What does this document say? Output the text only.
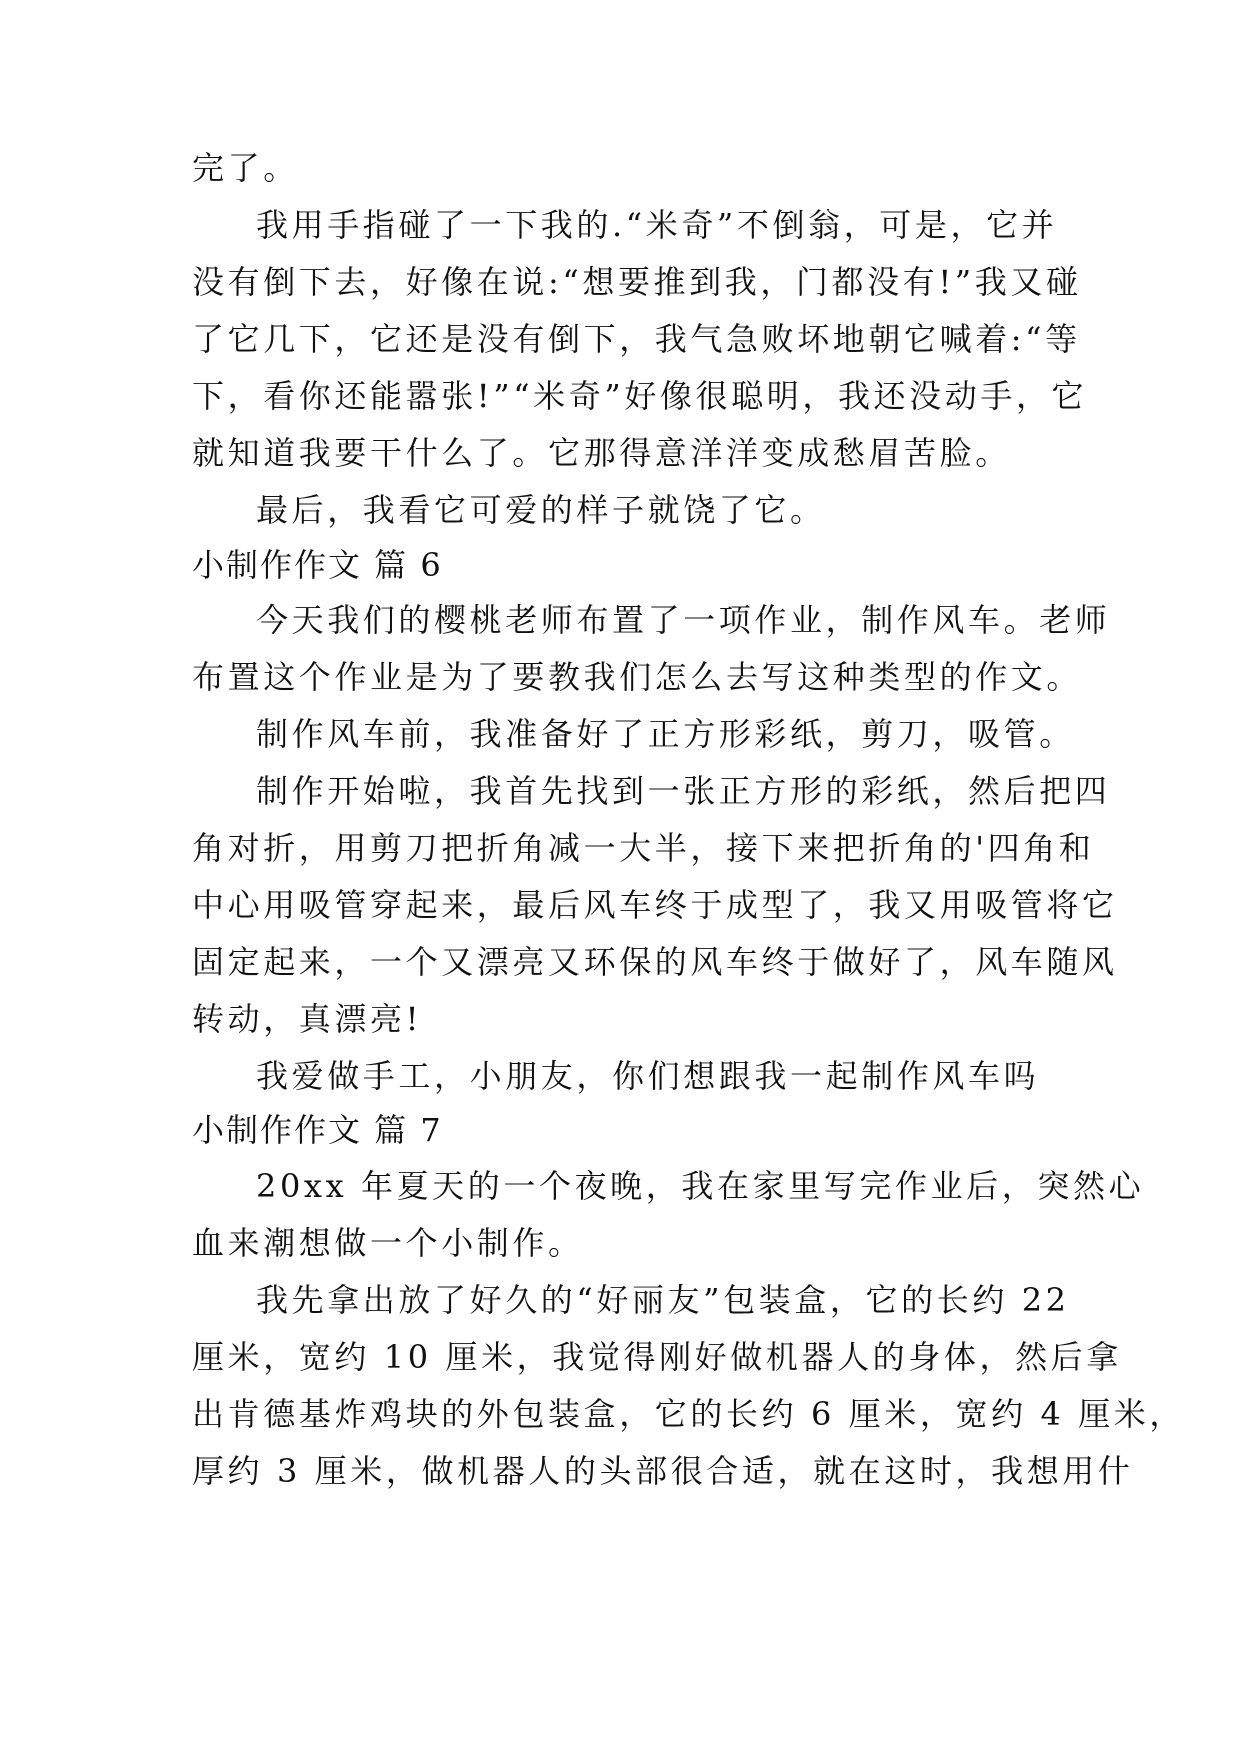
完了。
我用手指碰了一下我的.“米奇”不倒翁，可是，它并
没有倒下去，好像在说:“想要推到我，门都没有!”我又碰
了它几下，它还是没有倒下，我气急败坏地朝它喊着:“等
下，看你还能嚣张!”“米奇”好像很聪明，我还没动手，它
就知道我要干什么了。它那得意洋洋变成愁眉苦脸。
最后，我看它可爱的样子就饶了它。
小制作作文 篇 6
今天我们的樱桃老师布置了一项作业，制作风车。老师
布置这个作业是为了要教我们怎么去写这种类型的作文。
制作风车前，我准备好了正方形彩纸，剪刀，吸管。
制作开始啦，我首先找到一张正方形的彩纸，然后把四
角对折，用剪刀把折角减一大半，接下来把折角的'四角和
中心用吸管穿起来，最后风车终于成型了，我又用吸管将它
固定起来，一个又漂亮又环保的风车终于做好了，风车随风
转动，真漂亮!
我爱做手工，小朋友，你们想跟我一起制作风车吗
小制作作文 篇 7
20xx 年夏天的一个夜晚，我在家里写完作业后，突然心
血来潮想做一个小制作。
我先拿出放了好久的“好丽友”包装盒，它的长约 22
厘米，宽约 10 厘米，我觉得刚好做机器人的身体，然后拿
出肯德基炸鸡块的外包装盒，它的长约 6 厘米，宽约 4 厘米，
厚约 3 厘米，做机器人的头部很合适，就在这时，我想用什
